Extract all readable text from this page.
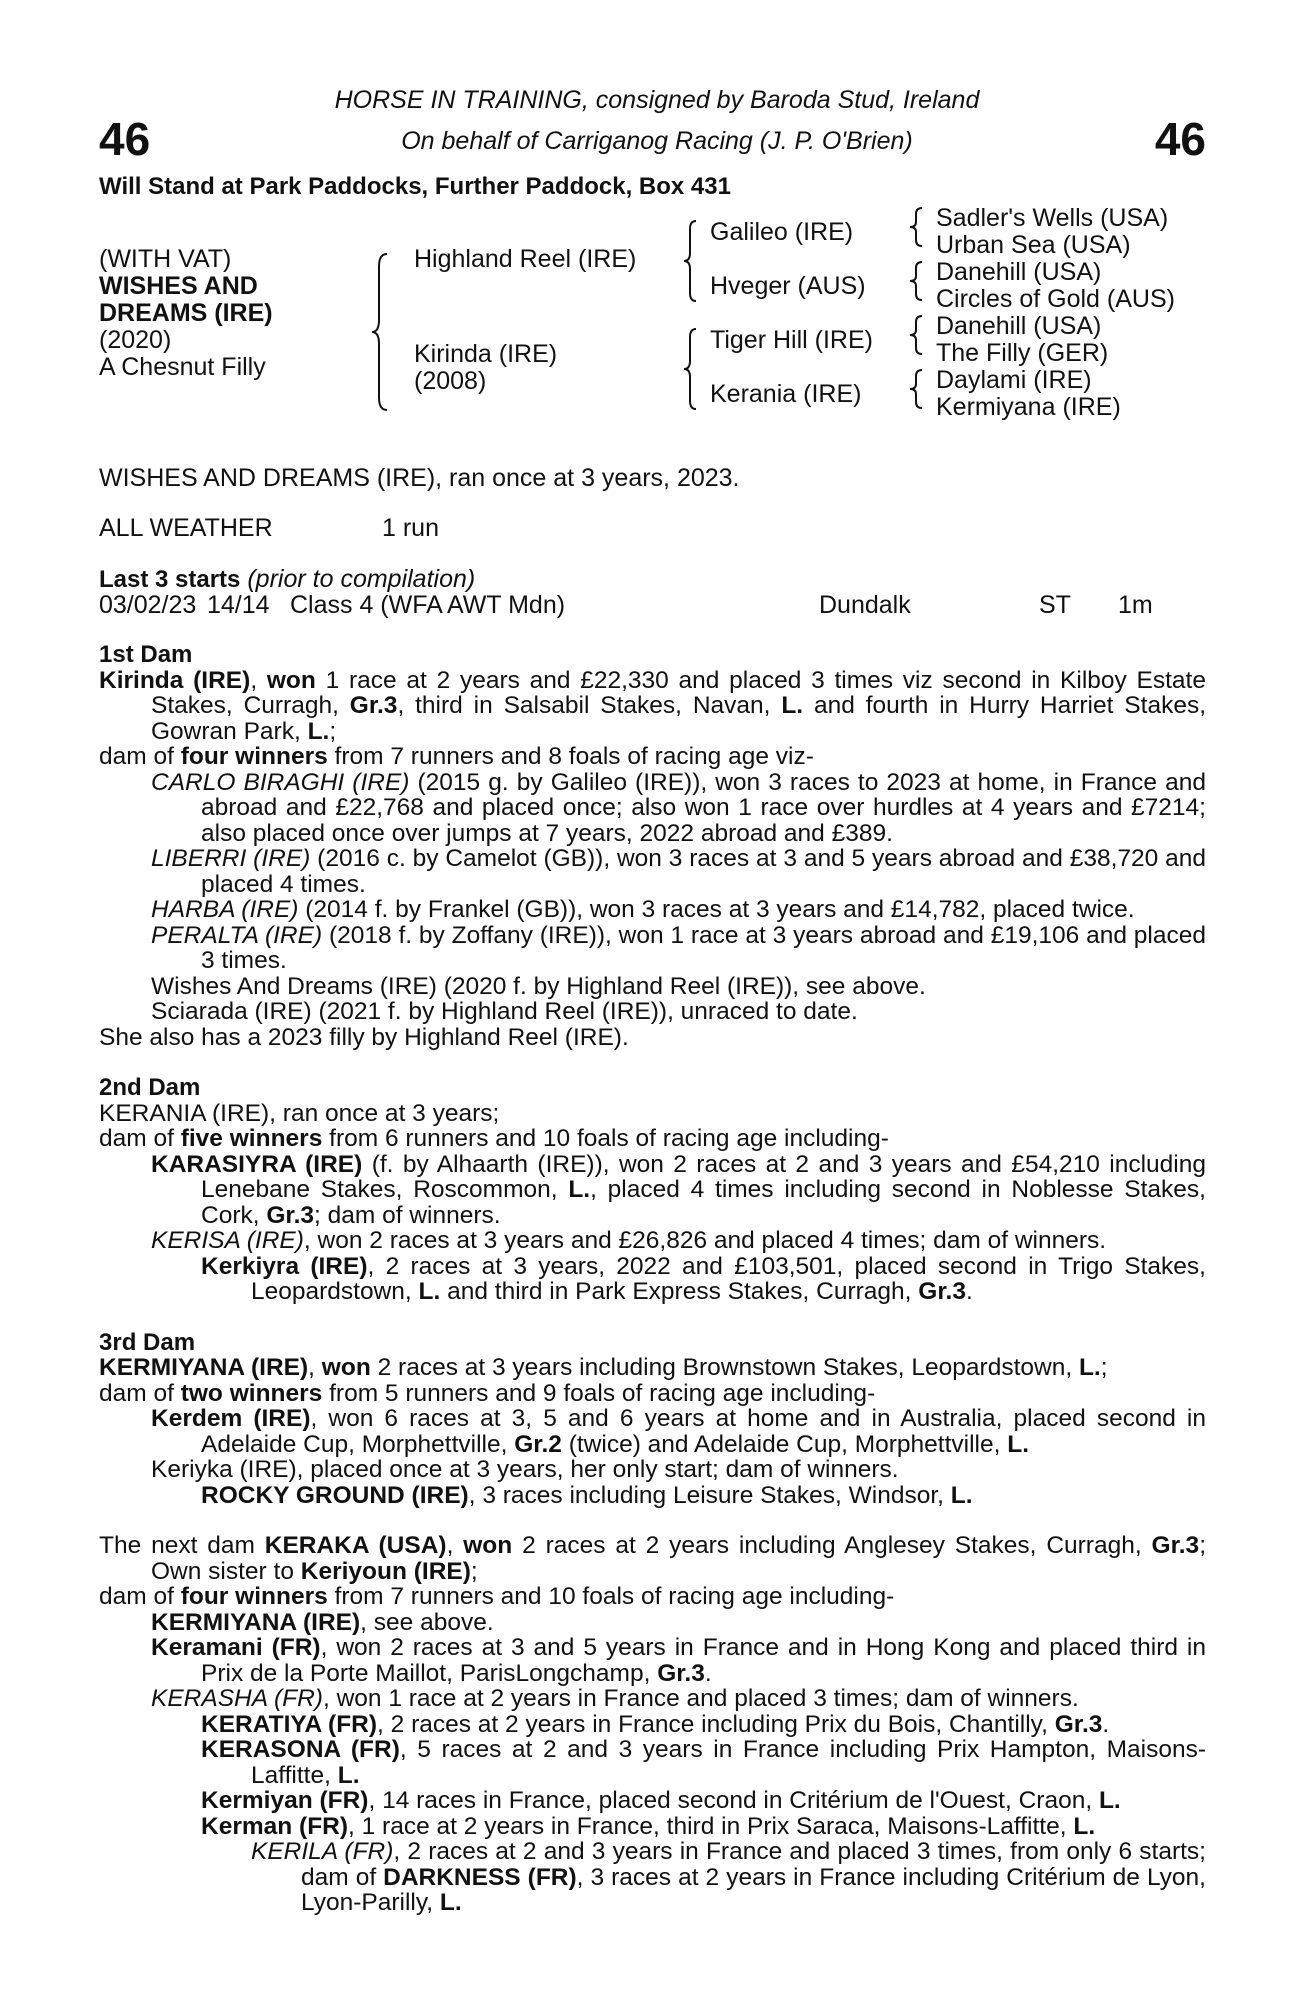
46	46
HORSE IN TRAINING, consigned by Baroda Stud, Ireland
On behalf of Carriganog Racing (J. P. O'Brien)
Will Stand at Park Paddocks, Further Paddock, Box 431
(WITH VAT)
WISHES AND
DREAMS (IRE)
(2020)
A Chesnut Filly
Highland Reel (IRE)
Kirinda (IRE)
(2008)
Galileo (IRE)
Hveger (AUS)
Tiger Hill (IRE)
Kerania (IRE)
Sadler's Wells (USA)
Urban Sea (USA)
Danehill (USA)
Circles of Gold (AUS)
Danehill (USA)
The Filly (GER)
Daylami (IRE)
Kermiyana (IRE)
WISHES AND DREAMS (IRE), ran once at 3 years, 2023.
ALL WEATHER	1 run
Last 3 starts (prior to compilation)
03/02/23 14/14 Class 4 (WFA AWT Mdn)	Dundalk	ST 1m

1st Dam

Kirinda (IRE), won 1 race at 2 years and £22,330 and placed 3 times viz second in Kilboy Estate Stakes, Curragh, Gr.3, third in Salsabil Stakes, Navan, L. and fourth in Hurry Harriet Stakes, Gowran Park, L.;

dam of four winners from 7 runners and 8 foals of racing age viz-

CARLO BIRAGHI (IRE) (2015 g. by Galileo (IRE)), won 3 races to 2023 at home, in France and abroad and £22,768 and placed once; also won 1 race over hurdles at 4 years and £7214; also placed once over jumps at 7 years, 2022 abroad and £389.

LIBERRI (IRE) (2016 c. by Camelot (GB)), won 3 races at 3 and 5 years abroad and £38,720 and placed 4 times.

HARBA (IRE) (2014 f. by Frankel (GB)), won 3 races at 3 years and £14,782, placed twice.

PERALTA (IRE) (2018 f. by Zoffany (IRE)), won 1 race at 3 years abroad and £19,106 and placed 3 times.

Wishes And Dreams (IRE) (2020 f. by Highland Reel (IRE)), see above.

Sciarada (IRE) (2021 f. by Highland Reel (IRE)), unraced to date.

She also has a 2023 filly by Highland Reel (IRE).

2nd Dam

KERANIA (IRE), ran once at 3 years;

dam of five winners from 6 runners and 10 foals of racing age including-

KARASIYRA (IRE) (f. by Alhaarth (IRE)), won 2 races at 2 and 3 years and £54,210 including Lenebane Stakes, Roscommon, L., placed 4 times including second in Noblesse Stakes, Cork, Gr.3; dam of winners.

KERISA (IRE), won 2 races at 3 years and £26,826 and placed 4 times; dam of winners.

Kerkiyra (IRE), 2 races at 3 years, 2022 and £103,501, placed second in Trigo Stakes, Leopardstown, L. and third in Park Express Stakes, Curragh, Gr.3.

3rd Dam

KERMIYANA (IRE), won 2 races at 3 years including Brownstown Stakes, Leopardstown, L.;

dam of two winners from 5 runners and 9 foals of racing age including-

Kerdem (IRE), won 6 races at 3, 5 and 6 years at home and in Australia, placed second in Adelaide Cup, Morphettville, Gr.2 (twice) and Adelaide Cup, Morphettville, L.

Keriyka (IRE), placed once at 3 years, her only start; dam of winners.

ROCKY GROUND (IRE), 3 races including Leisure Stakes, Windsor, L.

The next dam KERAKA (USA), won 2 races at 2 years including Anglesey Stakes, Curragh, Gr.3; Own sister to Keriyoun (IRE);

dam of four winners from 7 runners and 10 foals of racing age including-

KERMIYANA (IRE), see above.

Keramani (FR), won 2 races at 3 and 5 years in France and in Hong Kong and placed third in Prix de la Porte Maillot, ParisLongchamp, Gr.3.

KERASHA (FR), won 1 race at 2 years in France and placed 3 times; dam of winners.

KERATIYA (FR), 2 races at 2 years in France including Prix du Bois, Chantilly, Gr.3.

KERASONA (FR), 5 races at 2 and 3 years in France including Prix Hampton, Maisons-Laffitte, L.

Kermiyan (FR), 14 races in France, placed second in Critérium de l'Ouest, Craon, L.

Kerman (FR), 1 race at 2 years in France, third in Prix Saraca, Maisons-Laffitte, L.

KERILA (FR), 2 races at 2 and 3 years in France and placed 3 times, from only 6 starts; dam of DARKNESS (FR), 3 races at 2 years in France including Critérium de Lyon, Lyon-Parilly, L.
